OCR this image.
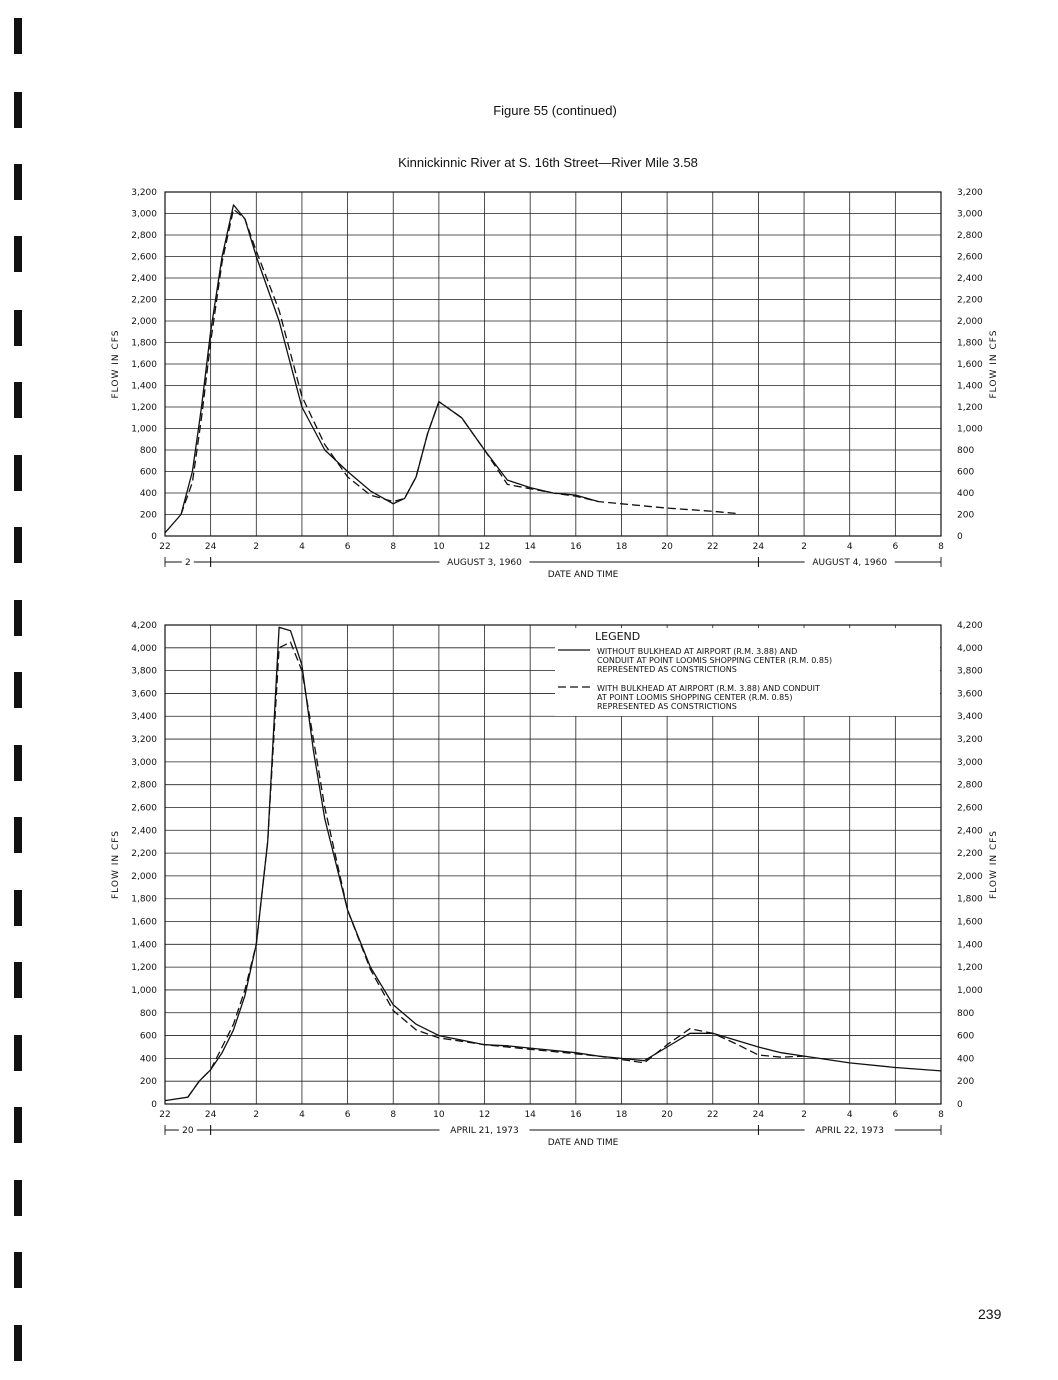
Figure 55 (continued)
Kinnickinnic River at S. 16th Street—River Mile 3.58
239
0	0
200	200
400	400
600	600
800	800
1,000	1,000
1,200	1,200
1,400	1,400
1,600	1,600
1,800	1,800
2,000	2,000
2,200	2,200
2,400	2,400
2,600	2,600
2,800	2,800
3,000	3,000
3,200	3,200
22	24	2	4	6	8	10	12	14	16	18	20	22	24	2	4	6	8
2	AUGUST 3, 1960	AUGUST 4, 1960
DATE AND TIME
FLOW IN CFS	FLOW IN CFS
0	0
200	200
400	400
600	600
800	800
1,000	1,000
1,200	1,200
1,400	1,400
1,600	1,600
1,800	1,800
2,000	2,000
2,200	2,200
2,400	2,400
2,600	2,600
2,800	2,800
3,000	3,000
3,200	3,200
3,400	3,400
3,600	3,600
3,800	3,800
4,000	4,000
4,200	4,200
22	24	2	4	6	8	10	12	14	16	18	20	22	24	2	4	6	8
20	APRIL 21, 1973	APRIL 22, 1973
DATE AND TIME
FLOW IN CFS	FLOW IN CFS
LEGEND
WITHOUT BULKHEAD AT AIRPORT (R.M. 3.88) AND
CONDUIT AT POINT LOOMIS SHOPPING CENTER (R.M. 0.85)
REPRESENTED AS CONSTRICTIONS
WITH BULKHEAD AT AIRPORT (R.M. 3.88) AND CONDUIT
AT POINT LOOMIS SHOPPING CENTER (R.M. 0.85)
REPRESENTED AS CONSTRICTIONS
